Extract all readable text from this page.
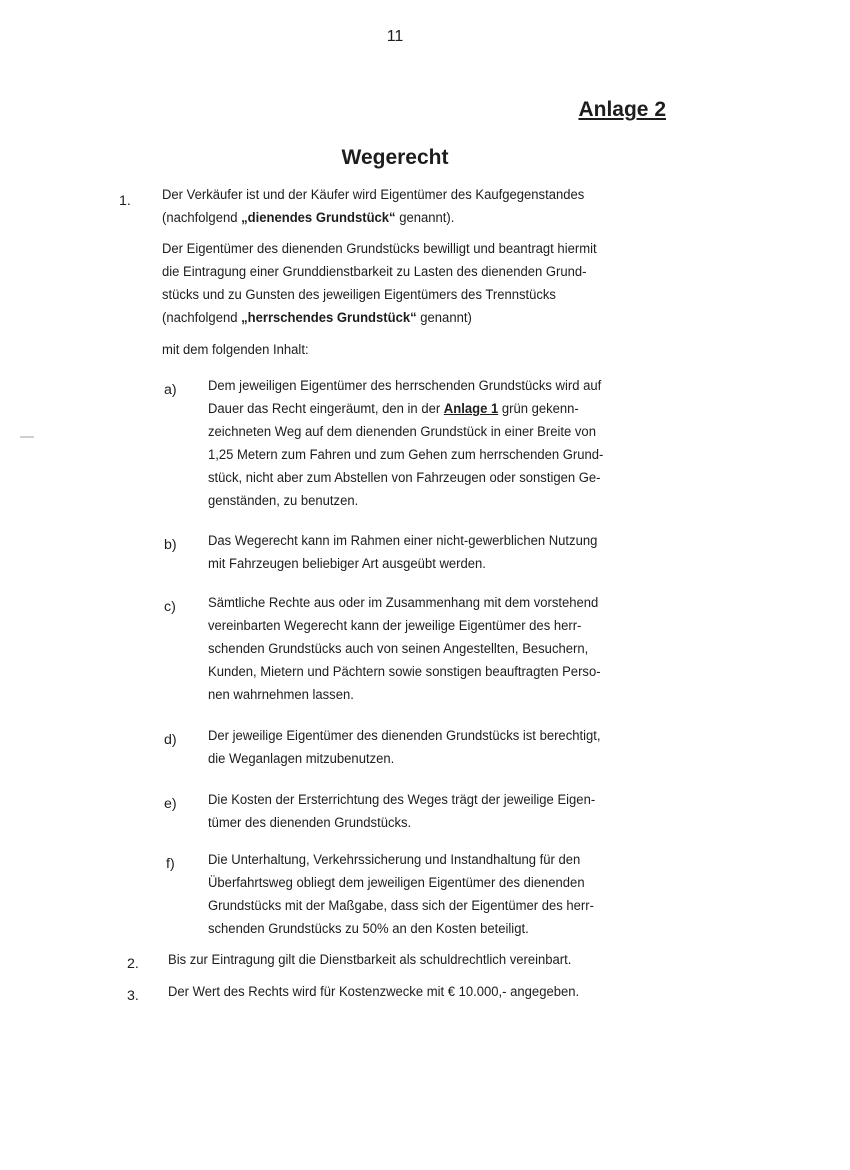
11
Anlage 2
Wegerecht
1. Der Verkäufer ist und der Käufer wird Eigentümer des Kaufgegenstandes
(nachfolgend „dienendes Grundstück“ genannt).
Der Eigentümer des dienenden Grundstücks bewilligt und beantragt hiermit
die Eintragung einer Grunddienstbarkeit zu Lasten des dienenden Grund-
stücks und zu Gunsten des jeweiligen Eigentümers des Trennstücks
(nachfolgend „herrschendes Grundstück“ genannt)
mit dem folgenden Inhalt:
a) Dem jeweiligen Eigentümer des herrschenden Grundstücks wird auf
Dauer das Recht eingeräumt, den in der Anlage 1 grün gekenn-
zeichneten Weg auf dem dienenden Grundstück in einer Breite von
1,25 Metern zum Fahren und zum Gehen zum herrschenden Grund-
stück, nicht aber zum Abstellen von Fahrzeugen oder sonstigen Ge-
genständen, zu benutzen.
b) Das Wegerecht kann im Rahmen einer nicht-gewerblichen Nutzung
mit Fahrzeugen beliebiger Art ausgeübt werden.
c) Sämtliche Rechte aus oder im Zusammenhang mit dem vorstehend
vereinbarten Wegerecht kann der jeweilige Eigentümer des herr-
schenden Grundstücks auch von seinen Angestellten, Besuchern,
Kunden, Mietern und Pächtern sowie sonstigen beauftragten Perso-
nen wahrnehmen lassen.
d) Der jeweilige Eigentümer des dienenden Grundstücks ist berechtigt,
die Weganlagen mitzubenutzen.
e) Die Kosten der Ersterrichtung des Weges trägt der jeweilige Eigen-
tümer des dienenden Grundstücks.
f) Die Unterhaltung, Verkehrssicherung und Instandhaltung für den
Überfahrtsweg obliegt dem jeweiligen Eigentümer des dienenden
Grundstücks mit der Maßgabe, dass sich der Eigentümer des herr-
schenden Grundstücks zu 50% an den Kosten beteiligt.
2. Bis zur Eintragung gilt die Dienstbarkeit als schuldrechtlich vereinbart.
3. Der Wert des Rechts wird für Kostenzwecke mit € 10.000,- angegeben.
